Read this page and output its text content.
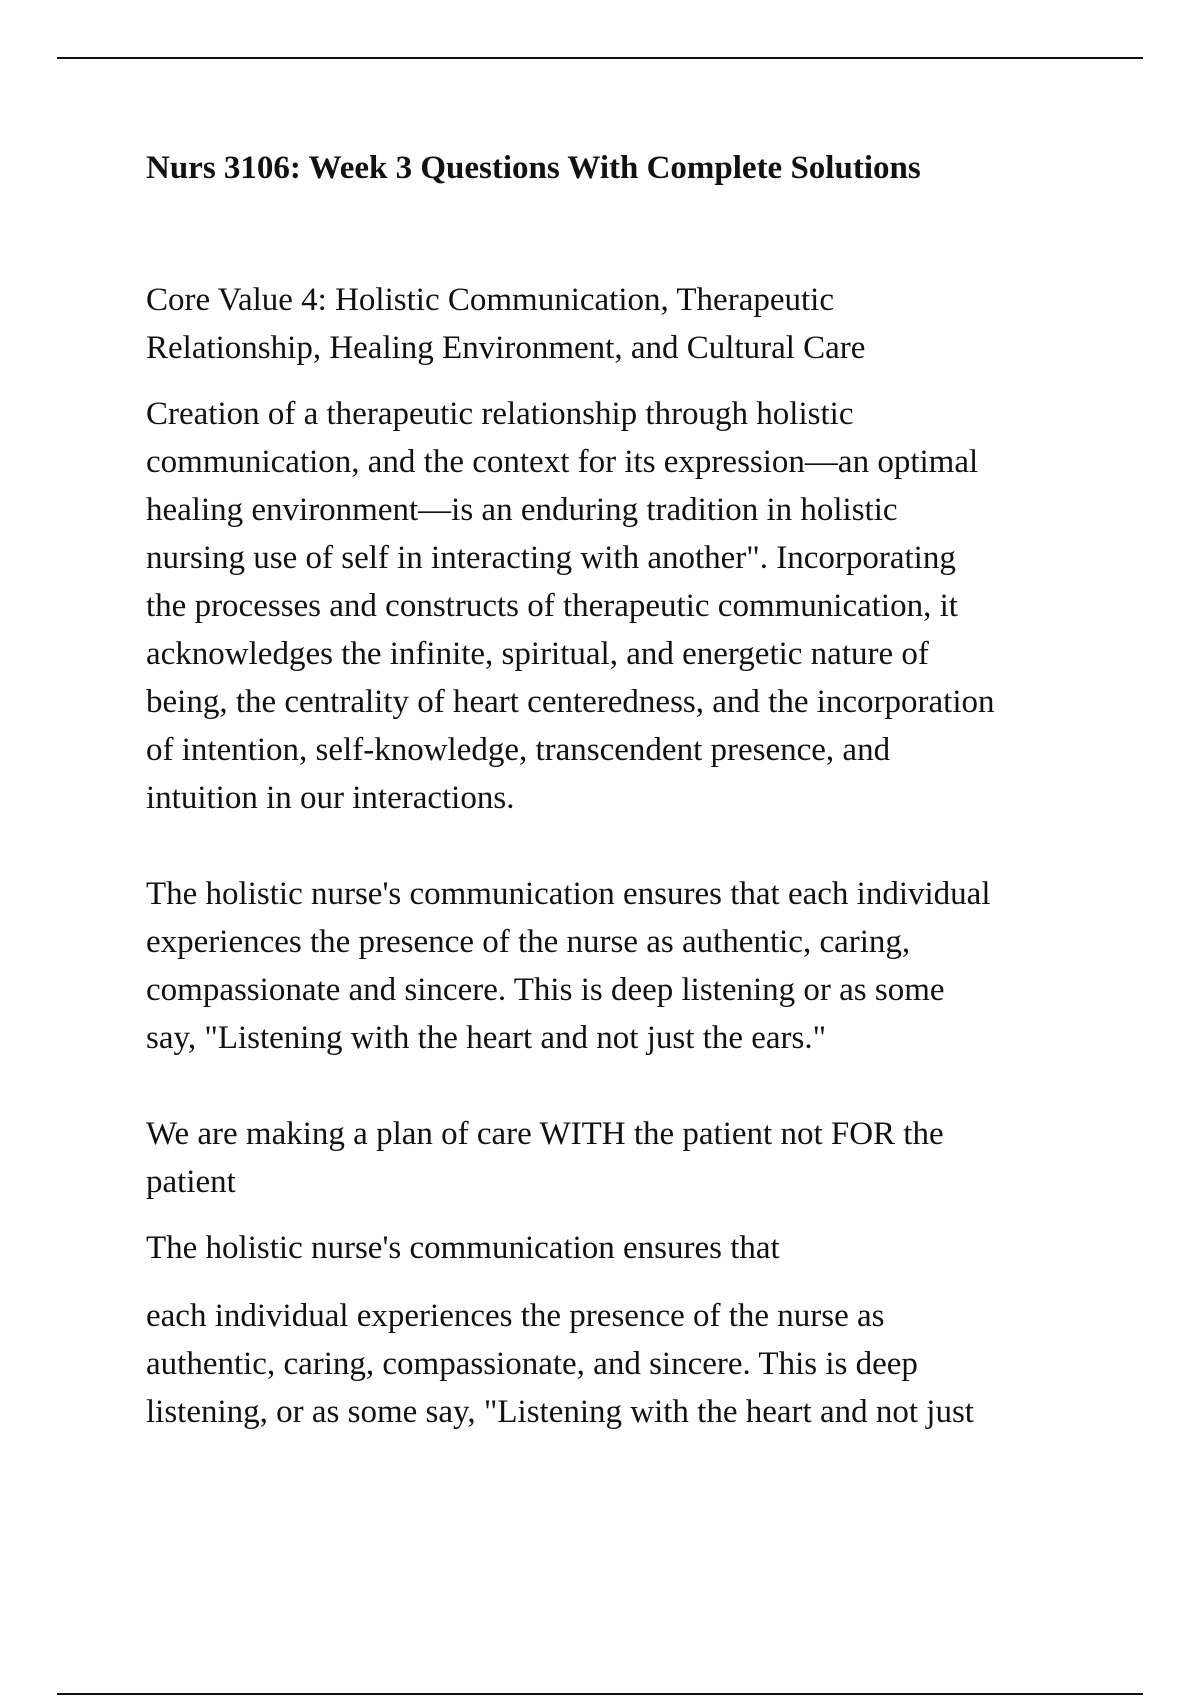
Nurs 3106: Week 3 Questions With Complete Solutions

Core Value 4: Holistic Communication, Therapeutic
Relationship, Healing Environment, and Cultural Care

Creation of a therapeutic relationship through holistic
communication, and the context for its expression—an optimal
healing environment—is an enduring tradition in holistic
nursing use of self in interacting with another". Incorporating
the processes and constructs of therapeutic communication, it
acknowledges the infinite, spiritual, and energetic nature of
being, the centrality of heart centeredness, and the incorporation
of intention, self-knowledge, transcendent presence, and
intuition in our interactions.

The holistic nurse's communication ensures that each individual
experiences the presence of the nurse as authentic, caring,
compassionate and sincere. This is deep listening or as some
say, "Listening with the heart and not just the ears."

We are making a plan of care WITH the patient not FOR the
patient

The holistic nurse's communication ensures that

each individual experiences the presence of the nurse as
authentic, caring, compassionate, and sincere. This is deep
listening, or as some say, "Listening with the heart and not just
